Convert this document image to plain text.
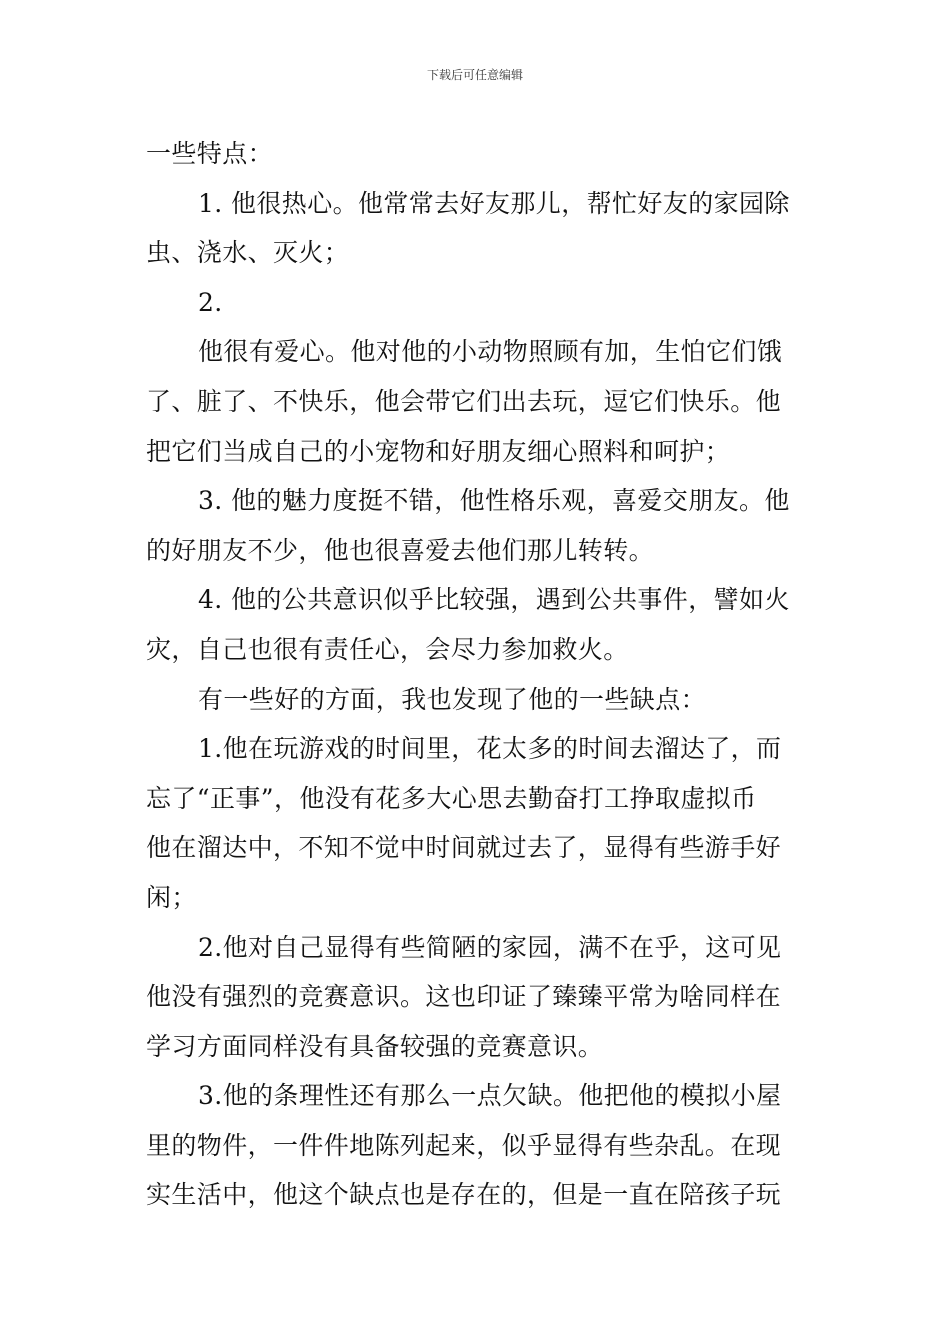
下载后可任意编辑
一些特点：
1. 他很热心。他常常去好友那儿，帮忙好友的家园除
虫、浇水、灭火；
2.
他很有爱心。他对他的小动物照顾有加，生怕它们饿
了、脏了、不快乐，他会带它们出去玩，逗它们快乐。他
把它们当成自己的小宠物和好朋友细心照料和呵护；
3. 他的魅力度挺不错，他性格乐观，喜爱交朋友。他
的好朋友不少，他也很喜爱去他们那儿转转。
4. 他的公共意识似乎比较强，遇到公共事件，譬如火
灾，自己也很有责任心，会尽力参加救火。
有一些好的方面，我也发现了他的一些缺点：
1.他在玩游戏的时间里，花太多的时间去溜达了，而
忘了“正事”，他没有花多大心思去勤奋打工挣取虚拟币
他在溜达中，不知不觉中时间就过去了，显得有些游手好
闲；
2.他对自己显得有些简陋的家园，满不在乎，这可见
他没有强烈的竞赛意识。这也印证了臻臻平常为啥同样在
学习方面同样没有具备较强的竞赛意识。
3.他的条理性还有那么一点欠缺。他把他的模拟小屋
里的物件，一件件地陈列起来，似乎显得有些杂乱。在现
实生活中，他这个缺点也是存在的，但是一直在陪孩子玩
